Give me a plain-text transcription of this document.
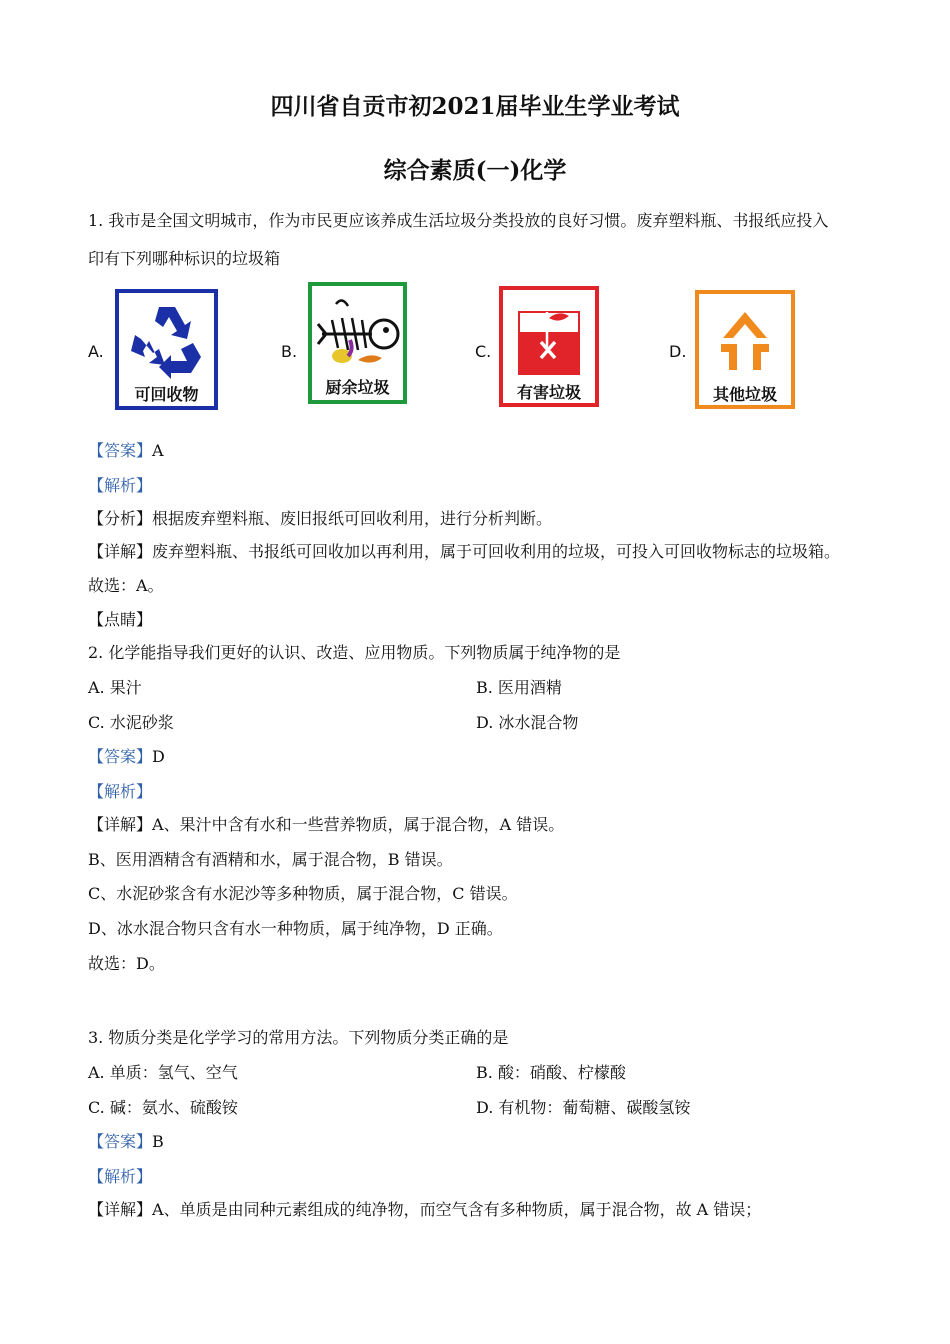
四川省自贡市初2021届毕业生学业考试
综合素质(一)化学
1. 我市是全国文明城市，作为市民更应该养成生活垃圾分类投放的良好习惯。废弃塑料瓶、书报纸应投入
印有下列哪种标识的垃圾箱
A.
可回收物
B.
厨余垃圾
C.
有害垃圾
D.
其他垃圾
【答案】A
【解析】
【分析】根据废弃塑料瓶、废旧报纸可回收利用，进行分析判断。
【详解】废弃塑料瓶、书报纸可回收加以再利用，属于可回收利用的垃圾，可投入可回收物标志的垃圾箱。
故选：A。
【点睛】
2. 化学能指导我们更好的认识、改造、应用物质。下列物质属于纯净物的是
A. 果汁	B. 医用酒精
C. 水泥砂浆	D. 冰水混合物
【答案】D
【解析】
【详解】A、果汁中含有水和一些营养物质，属于混合物，A 错误。
B、医用酒精含有酒精和水，属于混合物，B 错误。
C、水泥砂浆含有水泥沙等多种物质，属于混合物，C 错误。
D、冰水混合物只含有水一种物质，属于纯净物，D 正确。
故选：D。
3. 物质分类是化学学习的常用方法。下列物质分类正确的是
A. 单质：氢气、空气	B. 酸：硝酸、柠檬酸
C. 碱：氨水、硫酸铵	D. 有机物：葡萄糖、碳酸氢铵
【答案】B
【解析】
【详解】A、单质是由同种元素组成的纯净物，而空气含有多种物质，属于混合物，故 A 错误；
